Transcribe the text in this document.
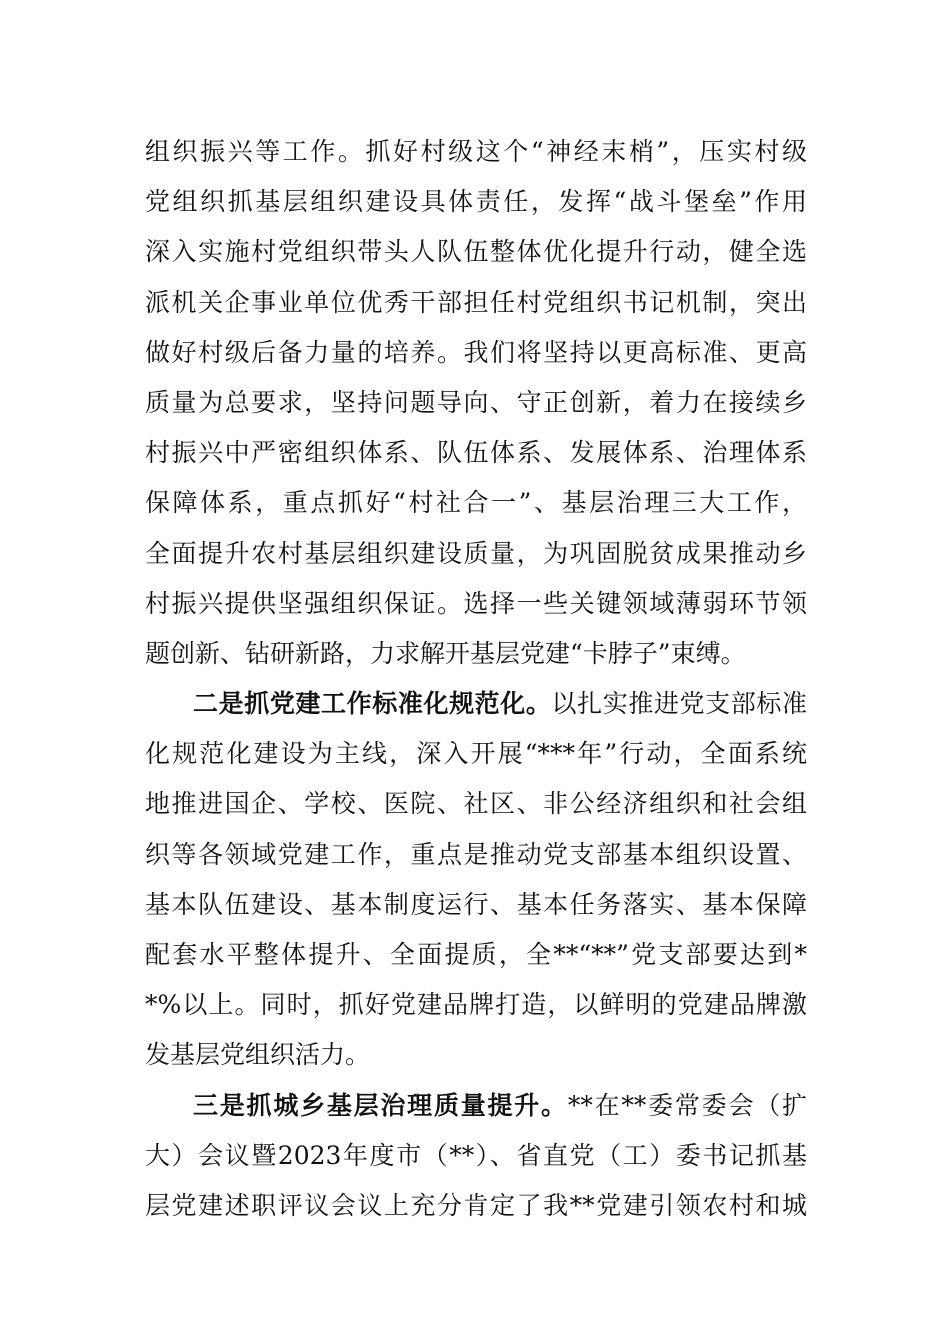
组织振兴等工作。抓好村级这个“神经末梢”，压实村级
党组织抓基层组织建设具体责任，发挥“战斗堡垒”作用
深入实施村党组织带头人队伍整体优化提升行动，健全选
派机关企事业单位优秀干部担任村党组织书记机制，突出
做好村级后备力量的培养。我们将坚持以更高标准、更高
质量为总要求，坚持问题导向、守正创新，着力在接续乡
村振兴中严密组织体系、队伍体系、发展体系、治理体系
保障体系，重点抓好“村社合一”、基层治理三大工作，
全面提升农村基层组织建设质量，为巩固脱贫成果推动乡
村振兴提供坚强组织保证。选择一些关键领域薄弱环节领
题创新、钻研新路，力求解开基层党建“卡脖子”束缚。
二是抓党建工作标准化规范化。以扎实推进党支部标准
化规范化建设为主线，深入开展“***年”行动，全面系统
地推进国企、学校、医院、社区、非公经济组织和社会组
织等各领域党建工作，重点是推动党支部基本组织设置、
基本队伍建设、基本制度运行、基本任务落实、基本保障
配套水平整体提升、全面提质，全**“**”党支部要达到*
*%以上。同时，抓好党建品牌打造，以鲜明的党建品牌激
发基层党组织活力。
三是抓城乡基层治理质量提升。**在**委常委会（扩
大）会议暨2023年度市（**）、省直党（工）委书记抓基
层党建述职评议会议上充分肯定了我**党建引领农村和城
